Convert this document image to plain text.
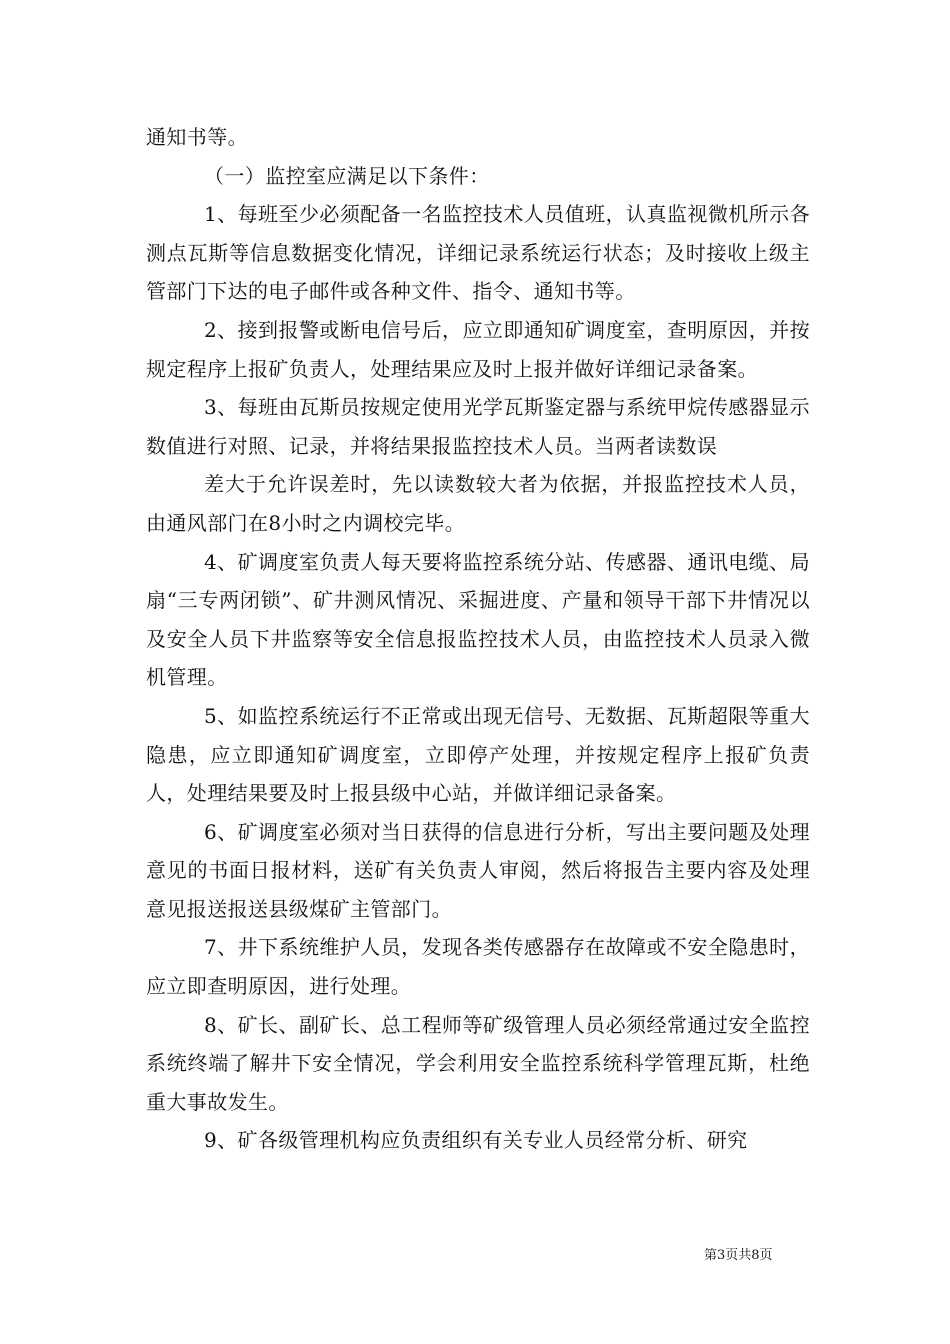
通知书等。

（一）监控室应满足以下条件：

1、每班至少必须配备一名监控技术人员值班，认真监视微机所示各测点瓦斯等信息数据变化情况，详细记录系统运行状态；及时接收上级主管部门下达的电子邮件或各种文件、指令、通知书等。

2、接到报警或断电信号后，应立即通知矿调度室，查明原因，并按规定程序上报矿负责人，处理结果应及时上报并做好详细记录备案。

3、每班由瓦斯员按规定使用光学瓦斯鉴定器与系统甲烷传感器显示数值进行对照、记录，并将结果报监控技术人员。当两者读数误

差大于允许误差时，先以读数较大者为依据，并报监控技术人员，由通风部门在8小时之内调校完毕。

4、矿调度室负责人每天要将监控系统分站、传感器、通讯电缆、局扇“三专两闭锁”、矿井测风情况、采掘进度、产量和领导干部下井情况以及安全人员下井监察等安全信息报监控技术人员，由监控技术人员录入微机管理。

5、如监控系统运行不正常或出现无信号、无数据、瓦斯超限等重大隐患，应立即通知矿调度室，立即停产处理，并按规定程序上报矿负责人，处理结果要及时上报县级中心站，并做详细记录备案。

6、矿调度室必须对当日获得的信息进行分析，写出主要问题及处理意见的书面日报材料，送矿有关负责人审阅，然后将报告主要内容及处理意见报送报送县级煤矿主管部门。

7、井下系统维护人员，发现各类传感器存在故障或不安全隐患时，应立即查明原因，进行处理。

8、矿长、副矿长、总工程师等矿级管理人员必须经常通过安全监控系统终端了解井下安全情况，学会利用安全监控系统科学管理瓦斯，杜绝重大事故发生。

9、矿各级管理机构应负责组织有关专业人员经常分析、研究

第3页共8页
